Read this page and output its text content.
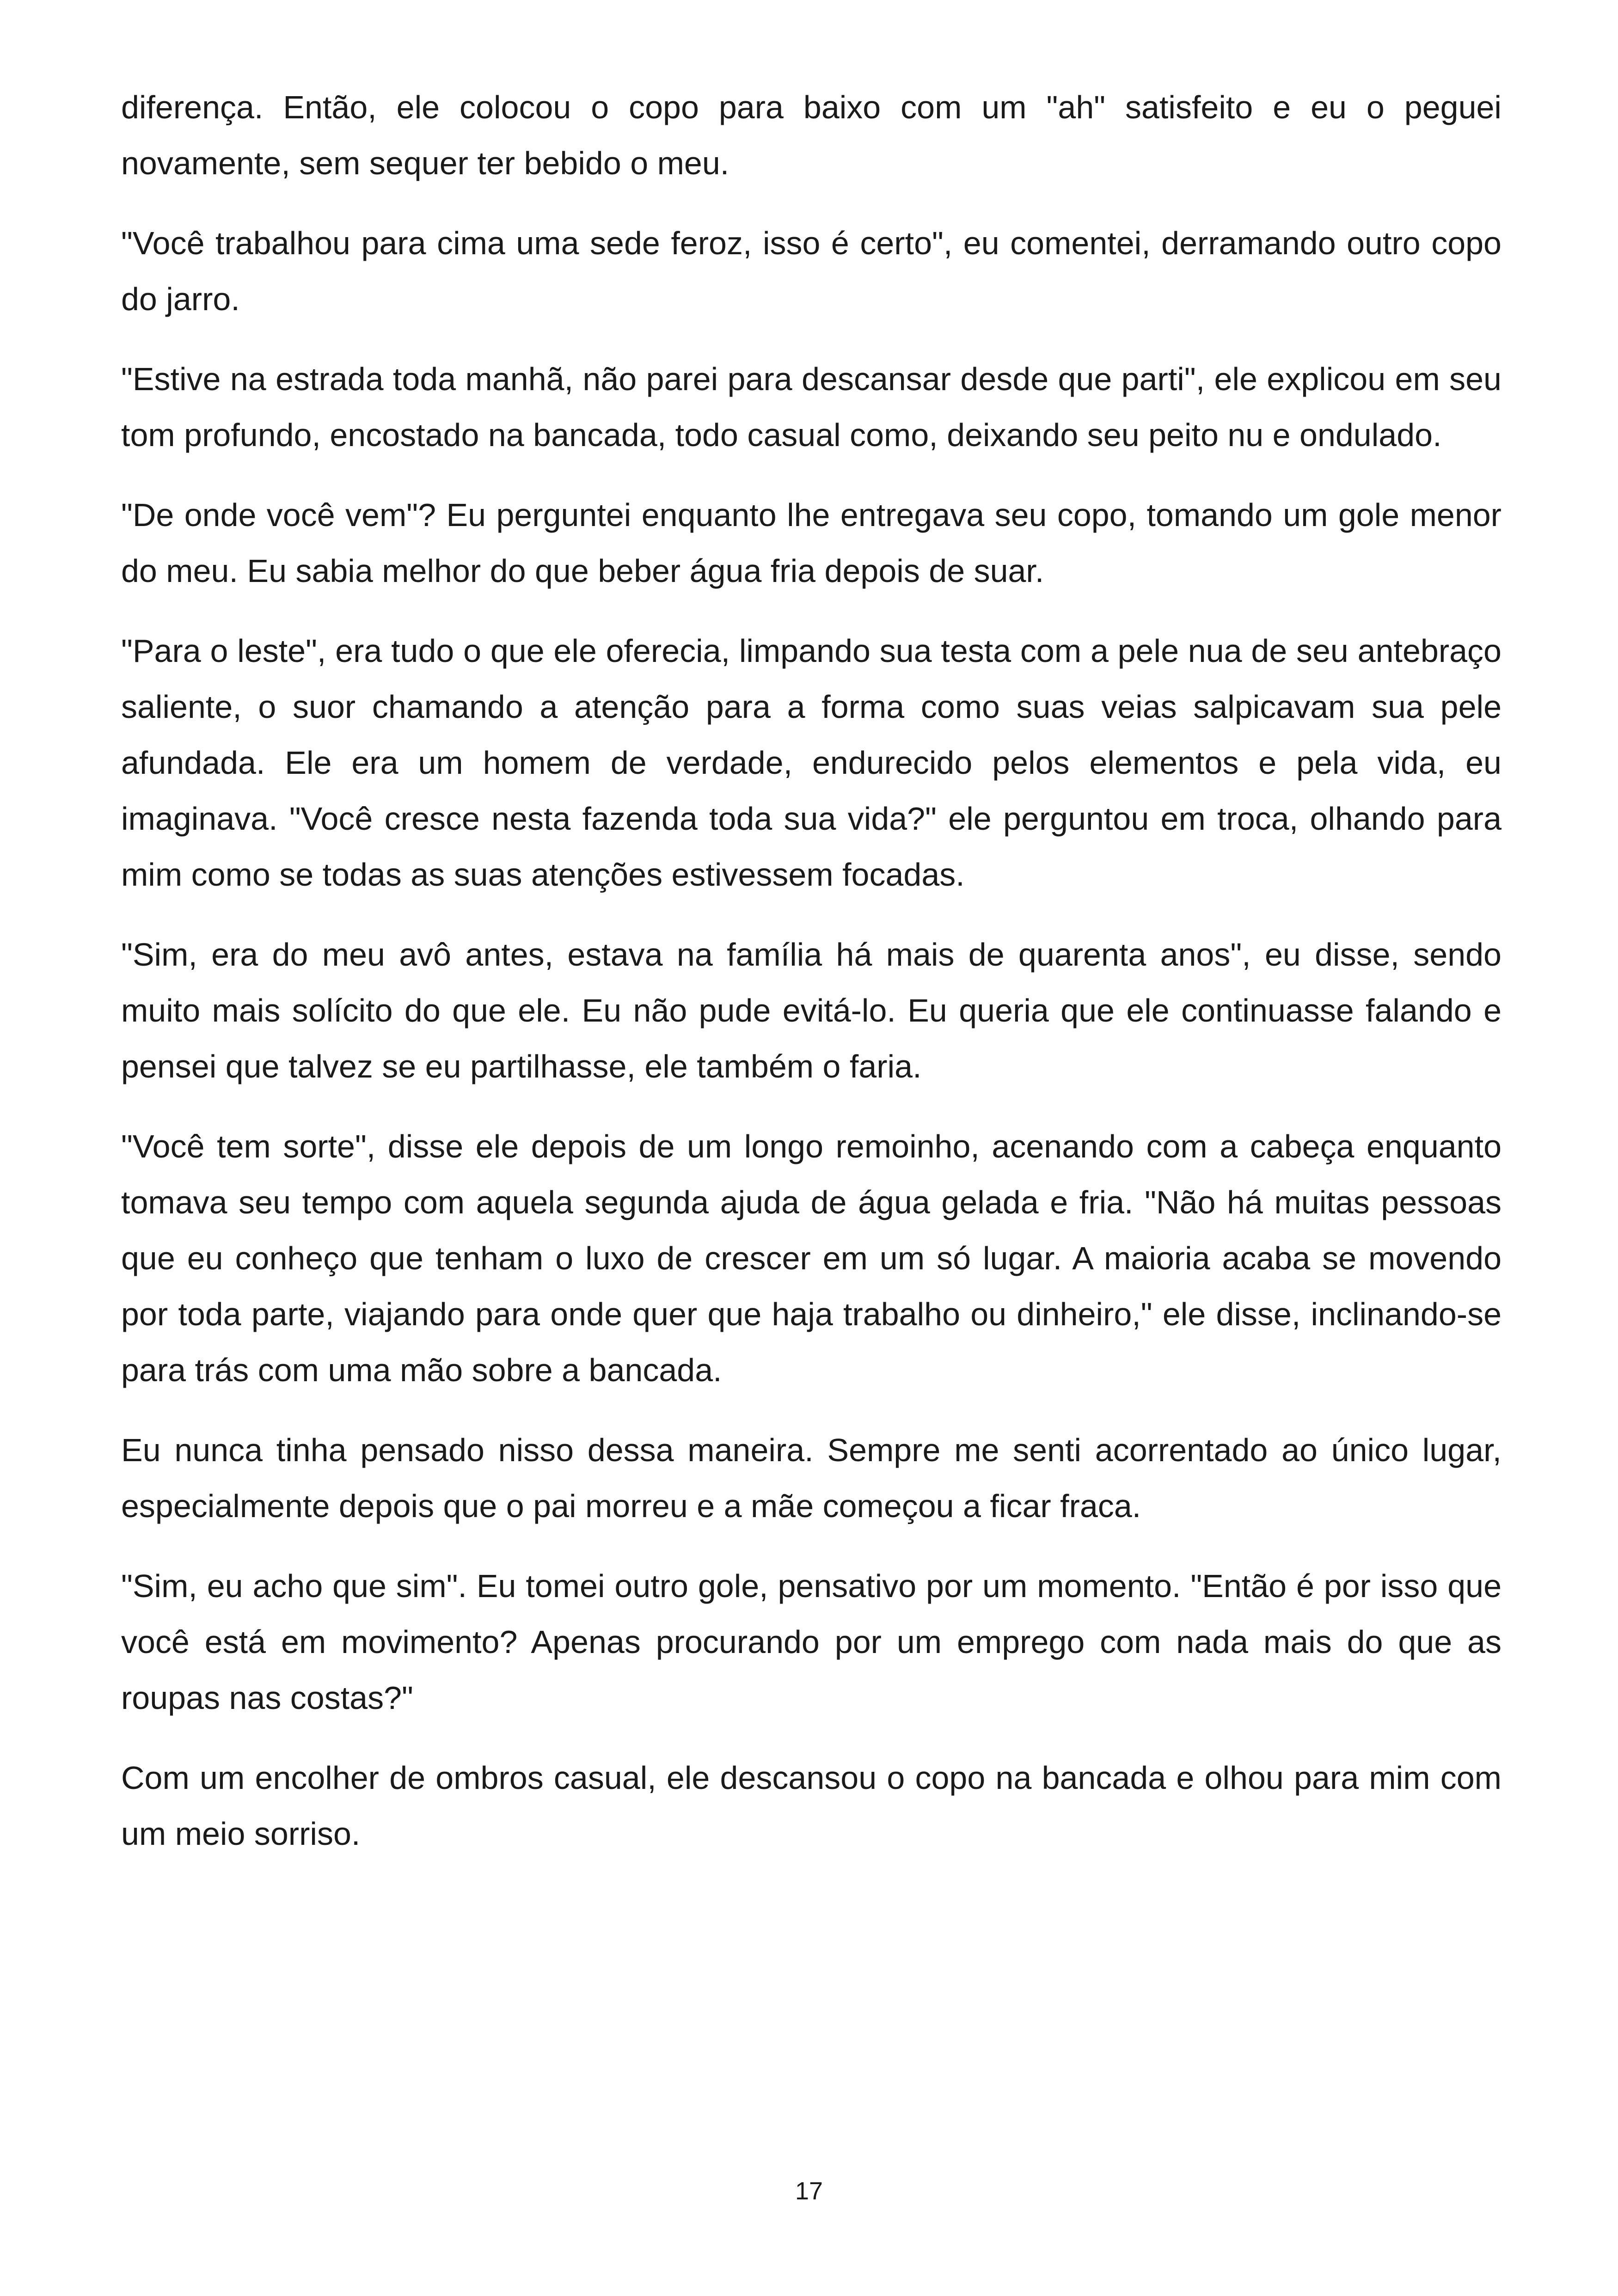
diferença. Então, ele colocou o copo para baixo com um "ah" satisfeito e eu o peguei novamente, sem sequer ter bebido o meu.

"Você trabalhou para cima uma sede feroz, isso é certo", eu comentei, derramando outro copo do jarro.

"Estive na estrada toda manhã, não parei para descansar desde que parti", ele explicou em seu tom profundo, encostado na bancada, todo casual como, deixando seu peito nu e ondulado.

"De onde você vem"? Eu perguntei enquanto lhe entregava seu copo, tomando um gole menor do meu. Eu sabia melhor do que beber água fria depois de suar.

"Para o leste", era tudo o que ele oferecia, limpando sua testa com a pele nua de seu antebraço saliente, o suor chamando a atenção para a forma como suas veias salpicavam sua pele afundada. Ele era um homem de verdade, endurecido pelos elementos e pela vida, eu imaginava. "Você cresce nesta fazenda toda sua vida?" ele perguntou em troca, olhando para mim como se todas as suas atenções estivessem focadas.

"Sim, era do meu avô antes, estava na família há mais de quarenta anos", eu disse, sendo muito mais solícito do que ele. Eu não pude evitá-lo. Eu queria que ele continuasse falando e pensei que talvez se eu partilhasse, ele também o faria.

"Você tem sorte", disse ele depois de um longo remoinho, acenando com a cabeça enquanto tomava seu tempo com aquela segunda ajuda de água gelada e fria. "Não há muitas pessoas que eu conheço que tenham o luxo de crescer em um só lugar. A maioria acaba se movendo por toda parte, viajando para onde quer que haja trabalho ou dinheiro," ele disse, inclinando-se para trás com uma mão sobre a bancada.

Eu nunca tinha pensado nisso dessa maneira. Sempre me senti acorrentado ao único lugar, especialmente depois que o pai morreu e a mãe começou a ficar fraca.

"Sim, eu acho que sim". Eu tomei outro gole, pensativo por um momento. "Então é por isso que você está em movimento? Apenas procurando por um emprego com nada mais do que as roupas nas costas?"

Com um encolher de ombros casual, ele descansou o copo na bancada e olhou para mim com um meio sorriso.

17
